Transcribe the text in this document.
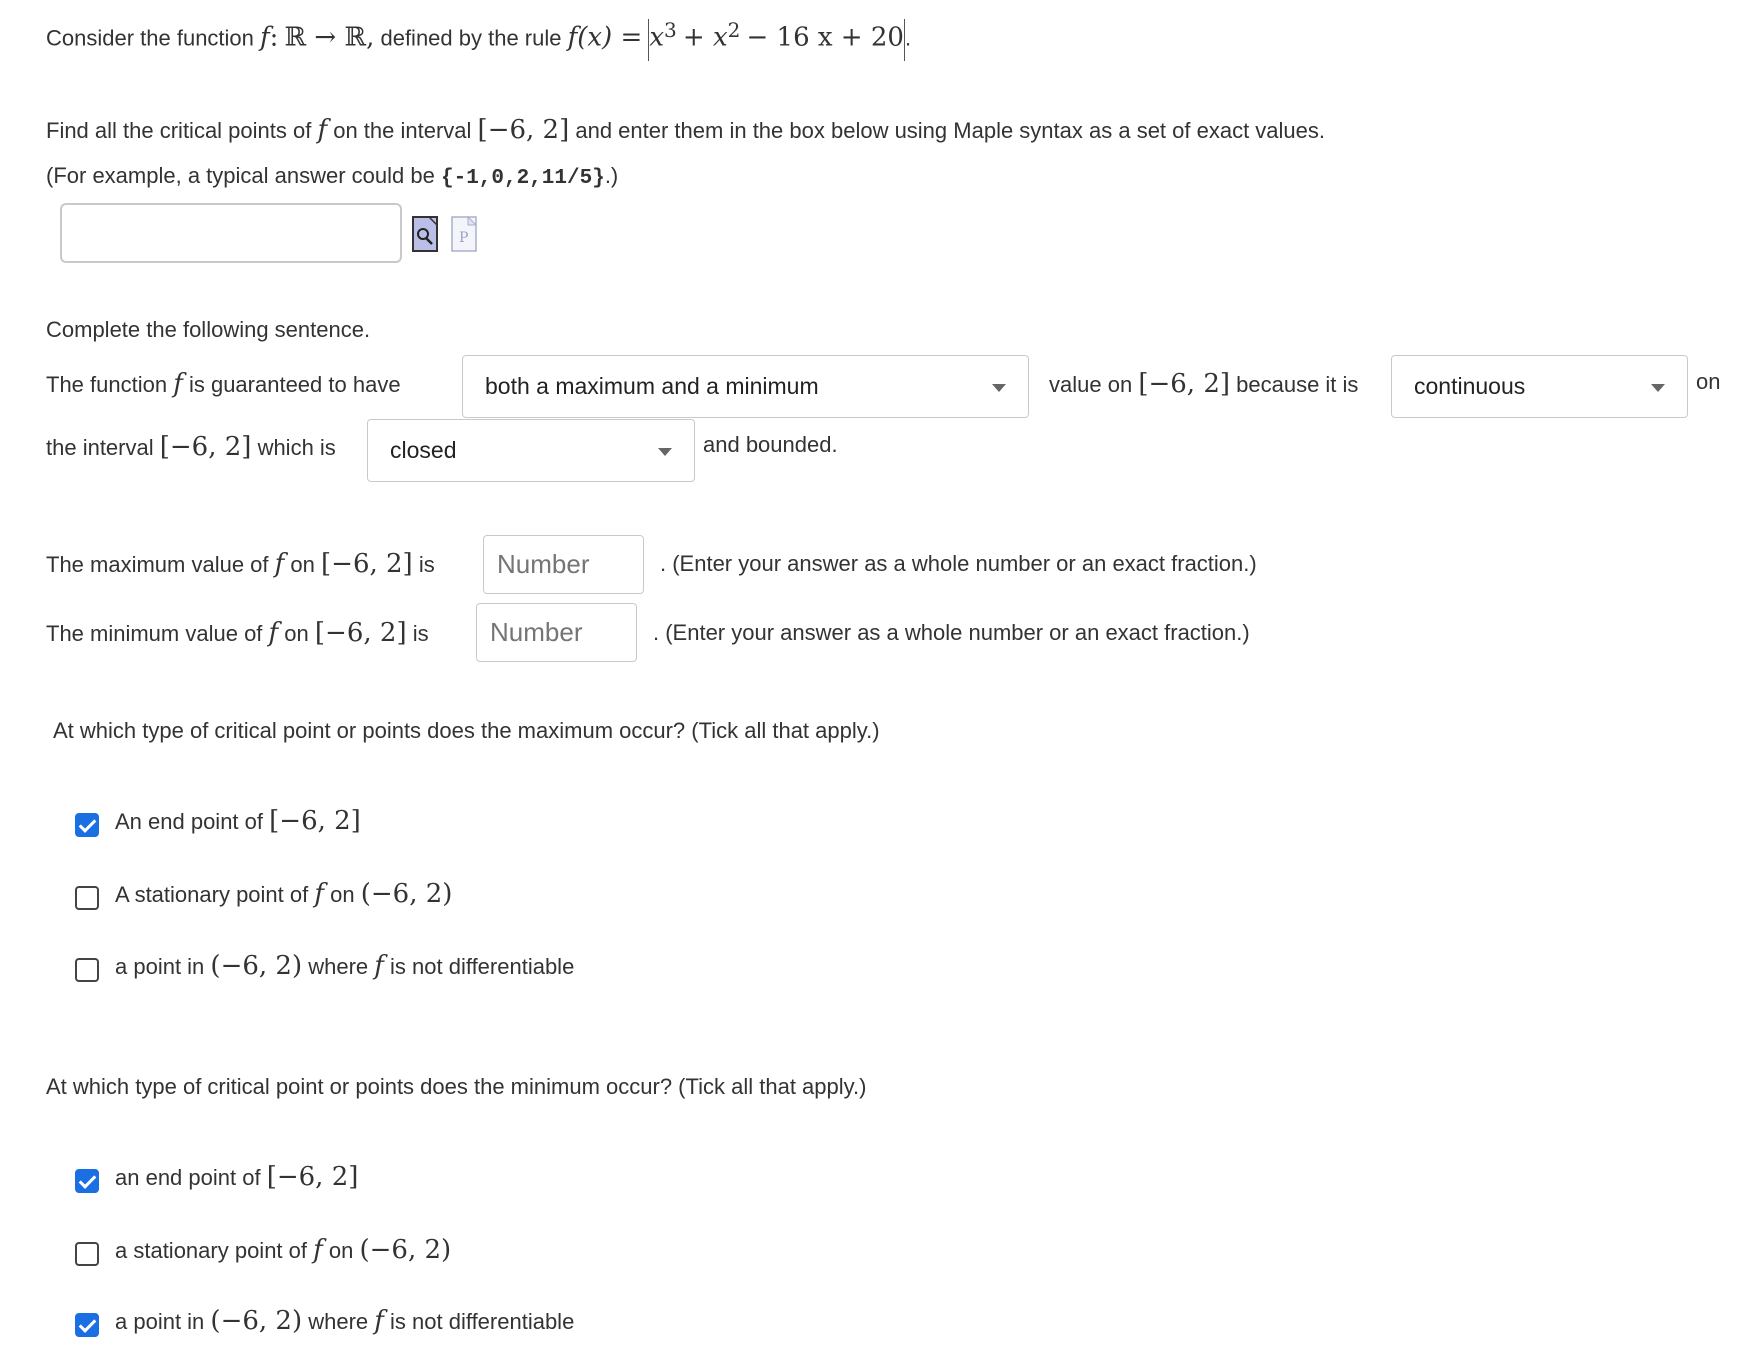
Consider the function f: ℝ → ℝ, defined by the rule $f(x) = x^3 + x^2 - 16$ x + 20.
Find all the critical points of f on the interval [−6, 2] and enter them in the box below using Maple syntax as a set of exact values.
(For example, a typical answer could be {-1,0,2,11/5}.)
P
Complete the following sentence.
The function f is guaranteed to have	both a maximum and a minimum	value on [−6, 2] because it is continuous	on
the interval [−6, 2] which is closed	and bounded.
The maximum value of f on [−6, 2] is
Number	. (Enter your answer as a whole number or an exact fraction.)
The minimum value of f on [−6, 2] is
Number	. (Enter your answer as a whole number or an exact fraction.)
At which type of critical point or points does the maximum occur? (Tick all that apply.)
An end point of [−6, 2]
A stationary point of f on (−6, 2)
a point in (−6, 2) where f is not differentiable
At which type of critical point or points does the minimum occur? (Tick all that apply.)
an end point of [−6, 2]
a stationary point of f on (−6, 2)
a point in (−6, 2) where f is not differentiable
